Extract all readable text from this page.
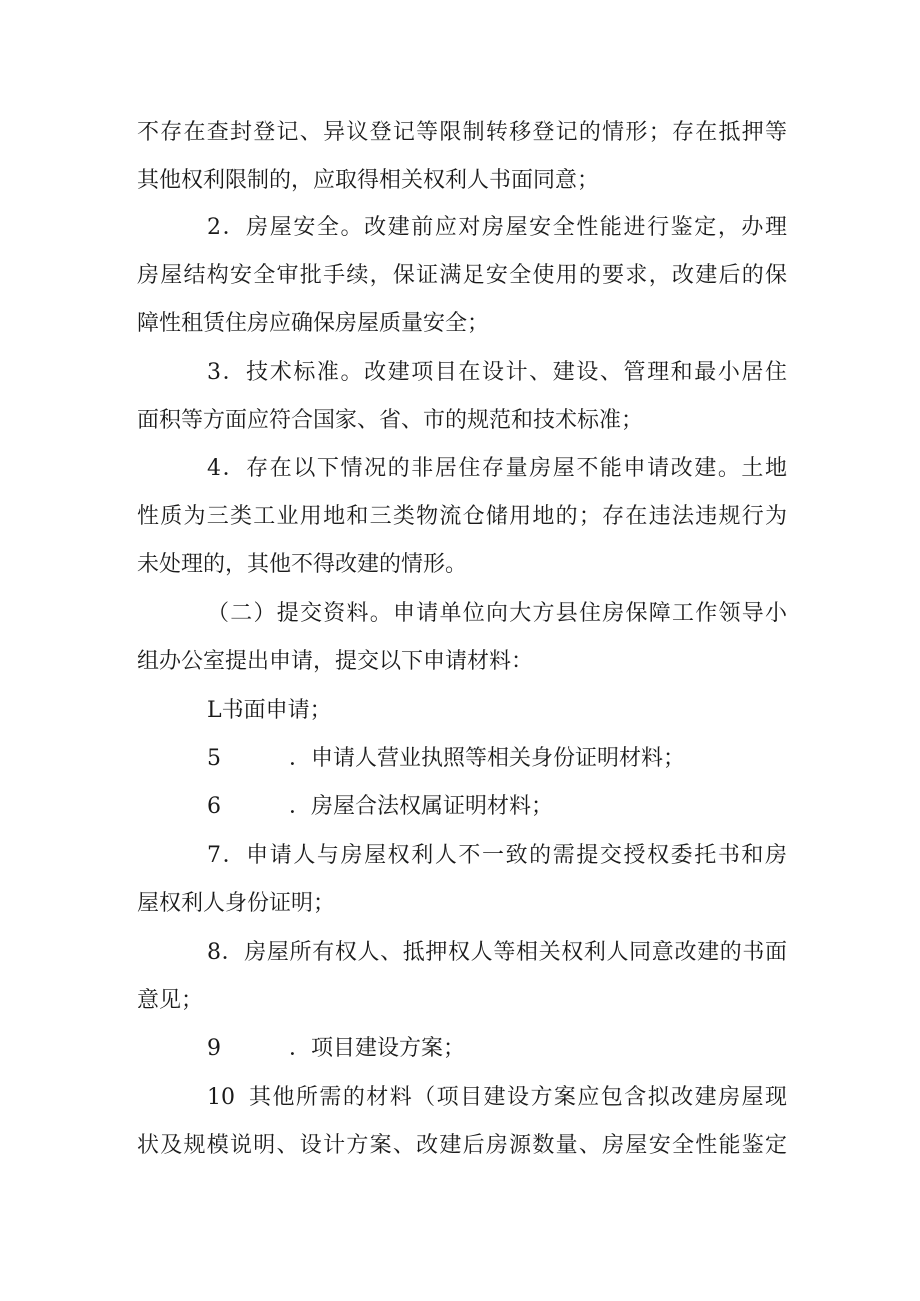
不存在查封登记、异议登记等限制转移登记的情形；存在抵押等
其他权利限制的，应取得相关权利人书面同意；
2．房屋安全。改建前应对房屋安全性能进行鉴定，办理
房屋结构安全审批手续，保证满足安全使用的要求，改建后的保
障性租赁住房应确保房屋质量安全；
3．技术标准。改建项目在设计、建设、管理和最小居住
面积等方面应符合国家、省、市的规范和技术标准；
4．存在以下情况的非居住存量房屋不能申请改建。土地
性质为三类工业用地和三类物流仓储用地的；存在违法违规行为
未处理的，其他不得改建的情形。
（二）提交资料。申请单位向大方县住房保障工作领导小
组办公室提出申请，提交以下申请材料：
L书面申请；
5	．申请人营业执照等相关身份证明材料；
6	．房屋合法权属证明材料；
7．申请人与房屋权利人不一致的需提交授权委托书和房
屋权利人身份证明；
8．房屋所有权人、抵押权人等相关权利人同意改建的书面
意见；
9	．项目建设方案；
10 其他所需的材料（项目建设方案应包含拟改建房屋现
状及规模说明、设计方案、改建后房源数量、房屋安全性能鉴定
